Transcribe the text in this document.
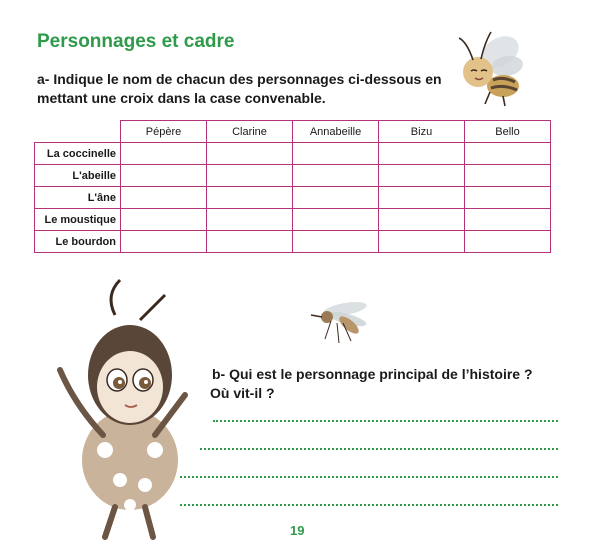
Personnages et cadre

a- Indique le nom de chacun des personnages ci-dessous en mettant une croix dans la case convenable.

	Pépère	Clarine	Annabeille	Bizu	Bello
La coccinelle					
L'abeille					
L'âne					
Le moustique					
Le bourdon					

b- Qui est le personnage principal de l’histoire ?
Où vit-il ?

19
